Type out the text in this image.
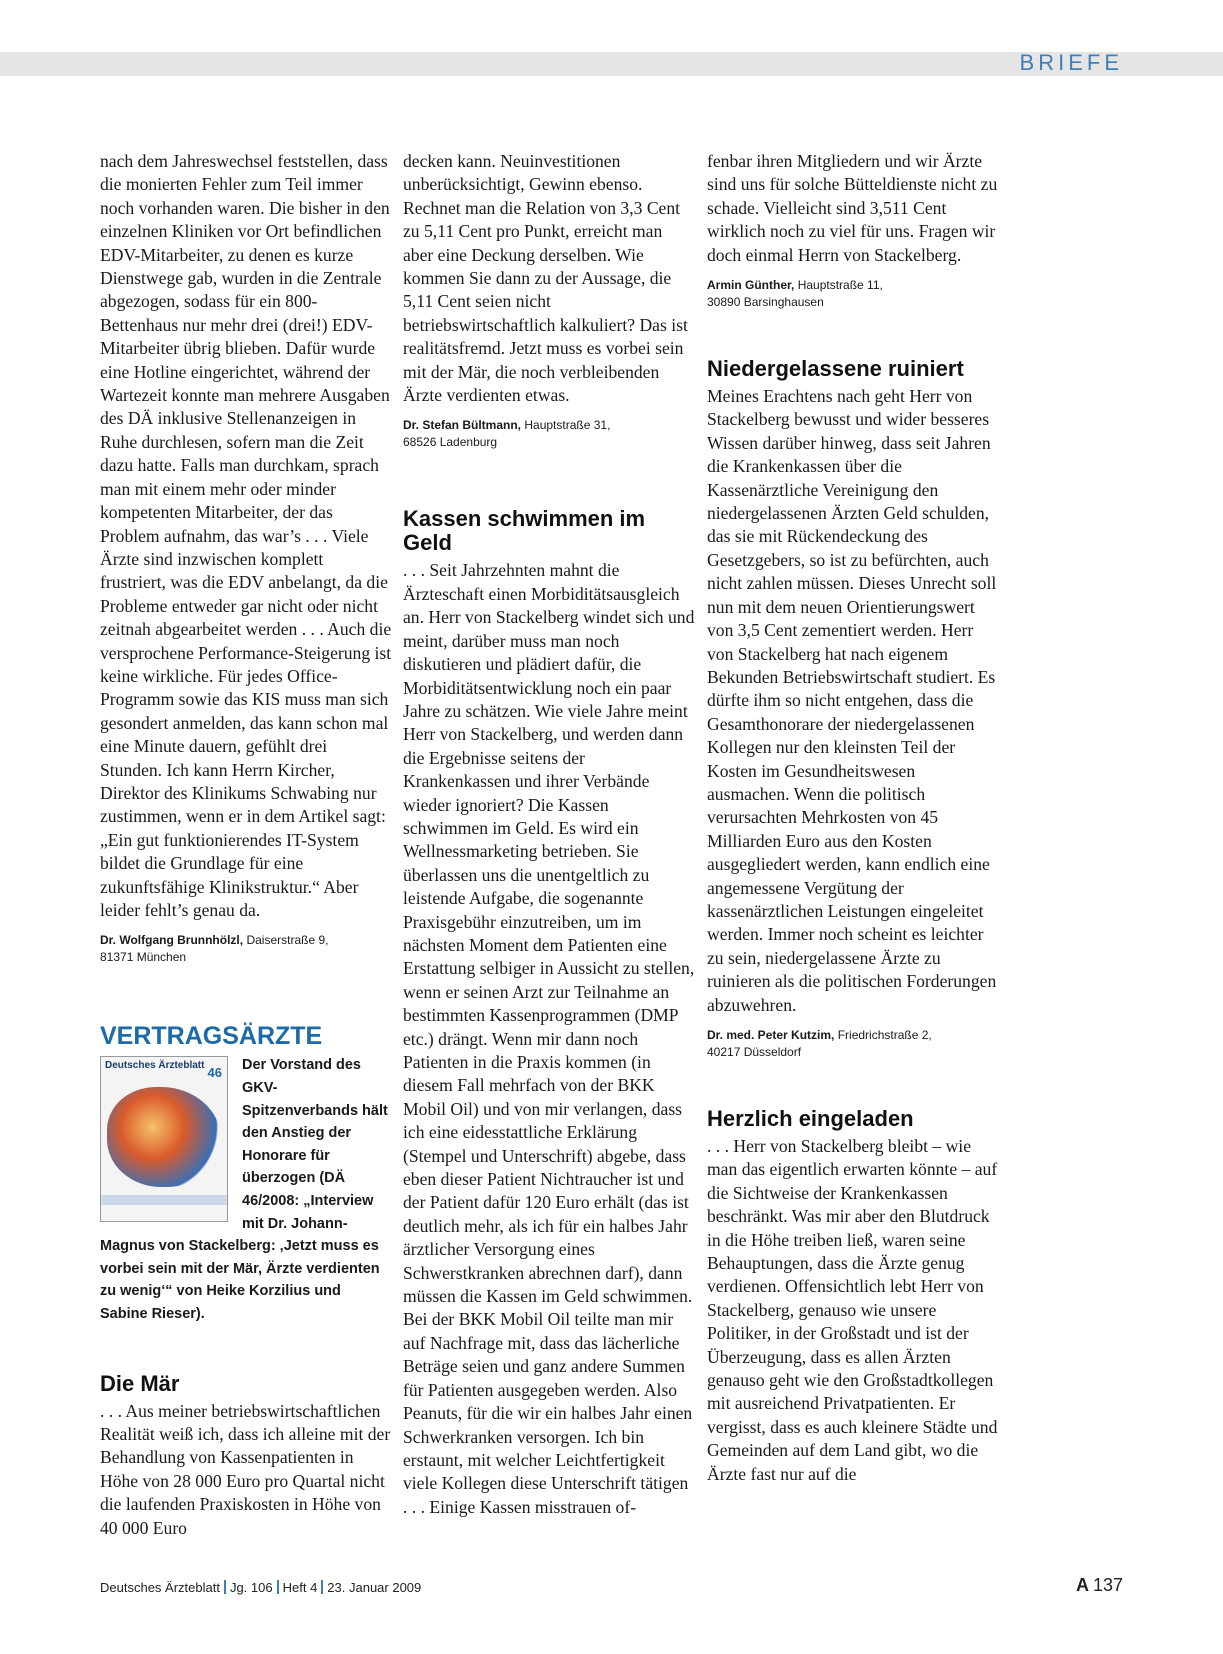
BRIEFE

nach dem Jahreswechsel feststellen, dass die monierten Fehler zum Teil immer noch vorhanden waren. Die bisher in den einzelnen Kliniken vor Ort befindlichen EDV-Mitarbeiter, zu denen es kurze Dienstwege gab, wurden in die Zentrale abgezogen, sodass für ein 800-Bettenhaus nur mehr drei (drei!) EDV-Mitarbeiter übrig blieben. Dafür wurde eine Hotline eingerichtet, während der Wartezeit konnte man mehrere Ausgaben des DÄ inklusive Stellenanzeigen in Ruhe durchlesen, sofern man die Zeit dazu hatte. Falls man durchkam, sprach man mit einem mehr oder minder kompetenten Mitarbeiter, der das Problem aufnahm, das war’s . . . Viele Ärzte sind inzwischen komplett frustriert, was die EDV anbelangt, da die Probleme entweder gar nicht oder nicht zeitnah abgearbeitet werden . . . Auch die versprochene Performance-Steigerung ist keine wirkliche. Für jedes Office-Programm sowie das KIS muss man sich gesondert anmelden, das kann schon mal eine Minute dauern, gefühlt drei Stunden. Ich kann Herrn Kircher, Direktor des Klinikums Schwabing nur zustimmen, wenn er in dem Artikel sagt: „Ein gut funktionierendes IT-System bildet die Grundlage für eine zukunftsfähige Klinikstruktur.“ Aber leider fehlt’s genau da.

Dr. Wolfgang Brunnhölzl, Daiserstraße 9,
81371 München
VERTRAGSÄRZTE
Deutsches Ärzteblatt 46 Der Vorstand des GKV-Spitzenverbands hält den Anstieg der Honorare für überzogen (DÄ 46/2008: „Interview mit Dr. Johann-Magnus von Stackelberg: ‚Jetzt muss es vorbei sein mit der Mär, Ärzte verdienten zu wenig‘“ von Heike Korzilius und Sabine Rieser).
Die Mär

. . . Aus meiner betriebswirtschaftlichen Realität weiß ich, dass ich alleine mit der Behandlung von Kassenpatienten in Höhe von 28 000 Euro pro Quartal nicht die laufenden Praxiskosten in Höhe von 40 000 Euro

decken kann. Neuinvestitionen unberücksichtigt, Gewinn ebenso. Rechnet man die Relation von 3,3 Cent zu 5,11 Cent pro Punkt, erreicht man aber eine Deckung derselben. Wie kommen Sie dann zu der Aussage, die 5,11 Cent seien nicht betriebswirtschaftlich kalkuliert? Das ist realitätsfremd. Jetzt muss es vorbei sein mit der Mär, die noch verbleibenden Ärzte verdienten etwas.

Dr. Stefan Bültmann, Hauptstraße 31,
68526 Ladenburg
Kassen schwimmen im Geld

. . . Seit Jahrzehnten mahnt die Ärzteschaft einen Morbiditätsausgleich an. Herr von Stackelberg windet sich und meint, darüber muss man noch diskutieren und plädiert dafür, die Morbiditätsentwicklung noch ein paar Jahre zu schätzen. Wie viele Jahre meint Herr von Stackelberg, und werden dann die Ergebnisse seitens der Krankenkassen und ihrer Verbände wieder ignoriert? Die Kassen schwimmen im Geld. Es wird ein Wellnessmarketing betrieben. Sie überlassen uns die unentgeltlich zu leistende Aufgabe, die sogenannte Praxisgebühr einzutreiben, um im nächsten Moment dem Patienten eine Erstattung selbiger in Aussicht zu stellen, wenn er seinen Arzt zur Teilnahme an bestimmten Kassenprogrammen (DMP etc.) drängt. Wenn mir dann noch Patienten in die Praxis kommen (in diesem Fall mehrfach von der BKK Mobil Oil) und von mir verlangen, dass ich eine eidesstattliche Erklärung (Stempel und Unterschrift) abgebe, dass eben dieser Patient Nichtraucher ist und der Patient dafür 120 Euro erhält (das ist deutlich mehr, als ich für ein halbes Jahr ärztlicher Versorgung eines Schwerstkranken abrechnen darf), dann müssen die Kassen im Geld schwimmen. Bei der BKK Mobil Oil teilte man mir auf Nachfrage mit, dass das lächerliche Beträge seien und ganz andere Summen für Patienten ausgegeben werden. Also Peanuts, für die wir ein halbes Jahr einen Schwerkranken versorgen. Ich bin erstaunt, mit welcher Leichtfertigkeit viele Kollegen diese Unterschrift tätigen . . . Einige Kassen misstrauen of-

fenbar ihren Mitgliedern und wir Ärzte sind uns für solche Bütteldienste nicht zu schade. Vielleicht sind 3,511 Cent wirklich noch zu viel für uns. Fragen wir doch einmal Herrn von Stackelberg.

Armin Günther, Hauptstraße 11,
30890 Barsinghausen
Niedergelassene ruiniert

Meines Erachtens nach geht Herr von Stackelberg bewusst und wider besseres Wissen darüber hinweg, dass seit Jahren die Krankenkassen über die Kassenärztliche Vereinigung den niedergelassenen Ärzten Geld schulden, das sie mit Rückendeckung des Gesetzgebers, so ist zu befürchten, auch nicht zahlen müssen. Dieses Unrecht soll nun mit dem neuen Orientierungswert von 3,5 Cent zementiert werden. Herr von Stackelberg hat nach eigenem Bekunden Betriebswirtschaft studiert. Es dürfte ihm so nicht entgehen, dass die Gesamthonorare der niedergelassenen Kollegen nur den kleinsten Teil der Kosten im Gesundheitswesen ausmachen. Wenn die politisch verursachten Mehrkosten von 45 Milliarden Euro aus den Kosten ausgegliedert werden, kann endlich eine angemessene Vergütung der kassenärztlichen Leistungen eingeleitet werden. Immer noch scheint es leichter zu sein, niedergelassene Ärzte zu ruinieren als die politischen Forderungen abzuwehren.

Dr. med. Peter Kutzim, Friedrichstraße 2,
40217 Düsseldorf
Herzlich eingeladen

. . . Herr von Stackelberg bleibt – wie man das eigentlich erwarten könnte – auf die Sichtweise der Krankenkassen beschränkt. Was mir aber den Blutdruck in die Höhe treiben ließ, waren seine Behauptungen, dass die Ärzte genug verdienen. Offensichtlich lebt Herr von Stackelberg, genauso wie unsere Politiker, in der Großstadt und ist der Überzeugung, dass es allen Ärzten genauso geht wie den Großstadtkollegen mit ausreichend Privatpatienten. Er vergisst, dass es auch kleinere Städte und Gemeinden auf dem Land gibt, wo die Ärzte fast nur auf die

Deutsches Ärzteblatt Jg. 106 Heft 4 23. Januar 2009	A 137
